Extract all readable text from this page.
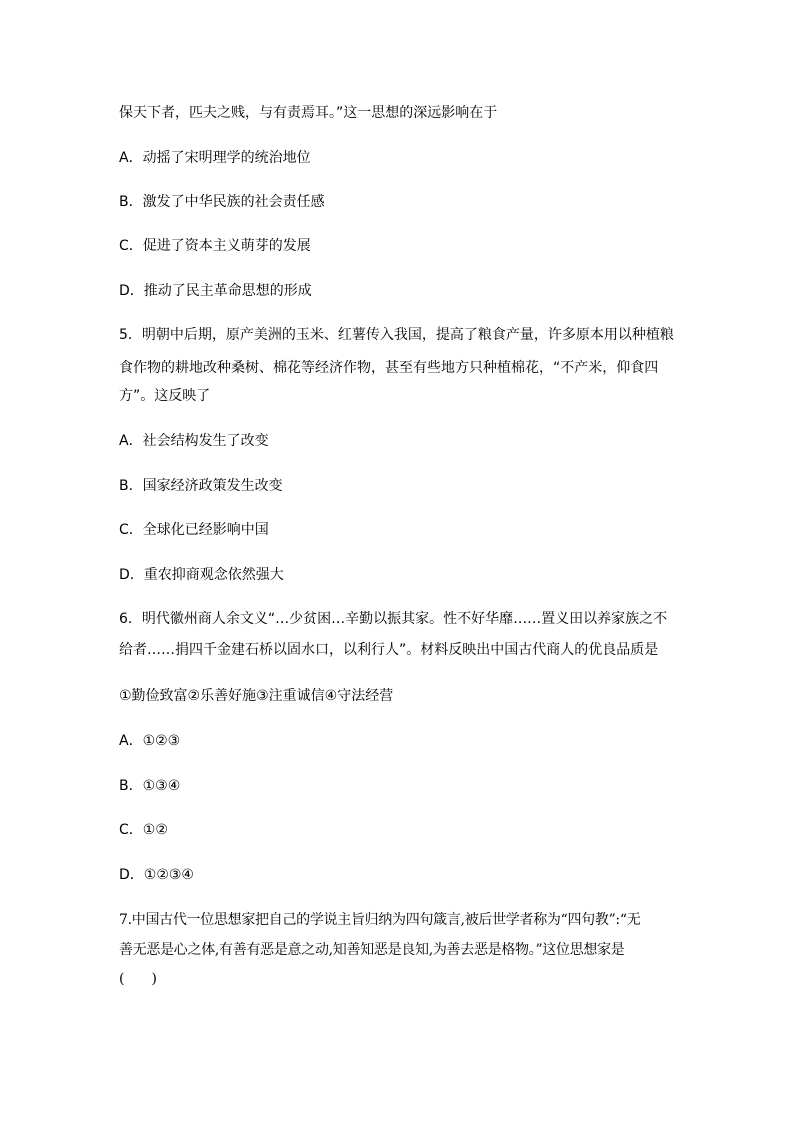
保天下者，匹夫之贱，与有责焉耳。”这一思想的深远影响在于
A．动摇了宋明理学的统治地位
B．激发了中华民族的社会责任感
C．促进了资本主义萌芽的发展
D．推动了民主革命思想的形成
5．明朝中后期，原产美洲的玉米、红薯传入我国，提高了粮食产量，许多原本用以种植粮
食作物的耕地改种桑树、棉花等经济作物，甚至有些地方只种植棉花，“不产米，仰食四
方”。这反映了
A．社会结构发生了改变
B．国家经济政策发生改变
C．全球化已经影响中国
D．重农抑商观念依然强大
6．明代徽州商人余文义“…少贫困…辛勤以振其家。性不好华靡……置义田以养家族之不
给者……捐四千金建石桥以固水口，以利行人”。材料反映出中国古代商人的优良品质是
①勤俭致富②乐善好施③注重诚信④守法经营
A．①②③
B．①③④
C．①②
D．①②③④
7.中国古代一位思想家把自己的学说主旨归纳为四句箴言,被后世学者称为“四句教”:“无
善无恶是心之体,有善有恶是意之动,知善知恶是良知,为善去恶是格物。”这位思想家是
(　　)
